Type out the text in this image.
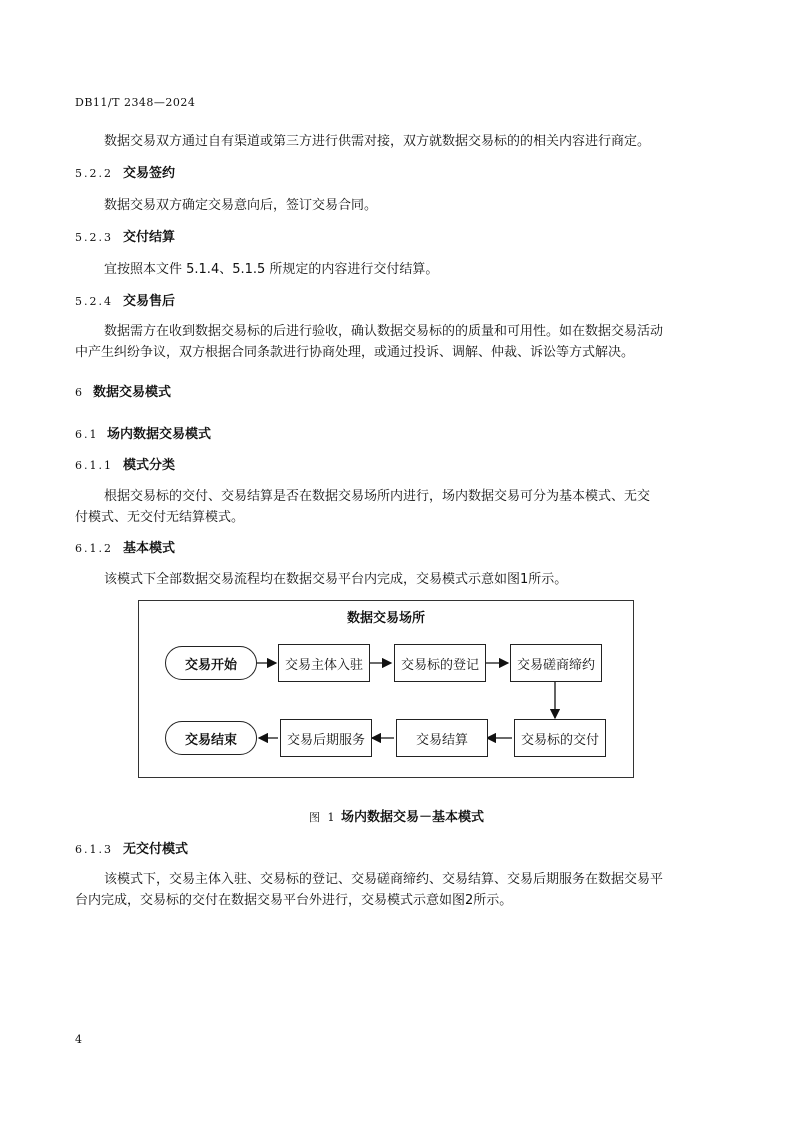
DB11/T 2348—2024
数据交易双方通过自有渠道或第三方进行供需对接，双方就数据交易标的的相关内容进行商定。
5.2.2 交易签约
数据交易双方确定交易意向后，签订交易合同。
5.2.3 交付结算
宜按照本文件 5.1.4、5.1.5 所规定的内容进行交付结算。
5.2.4 交易售后
数据需方在收到数据交易标的后进行验收，确认数据交易标的的质量和可用性。如在数据交易活动
中产生纠纷争议，双方根据合同条款进行协商处理，或通过投诉、调解、仲裁、诉讼等方式解决。
6 数据交易模式
6.1 场内数据交易模式
6.1.1 模式分类
根据交易标的交付、交易结算是否在数据交易场所内进行，场内数据交易可分为基本模式、无交
付模式、无交付无结算模式。
6.1.2 基本模式
该模式下全部数据交易流程均在数据交易平台内完成，交易模式示意如图1所示。
数据交易场所
交易开始	交易主体入驻	交易标的登记	交易磋商缔约
交易结束	交易后期服务	交易结算	交易标的交付
图 1 场内数据交易－基本模式
6.1.3 无交付模式
该模式下，交易主体入驻、交易标的登记、交易磋商缔约、交易结算、交易后期服务在数据交易平
台内完成，交易标的交付在数据交易平台外进行，交易模式示意如图2所示。
4
